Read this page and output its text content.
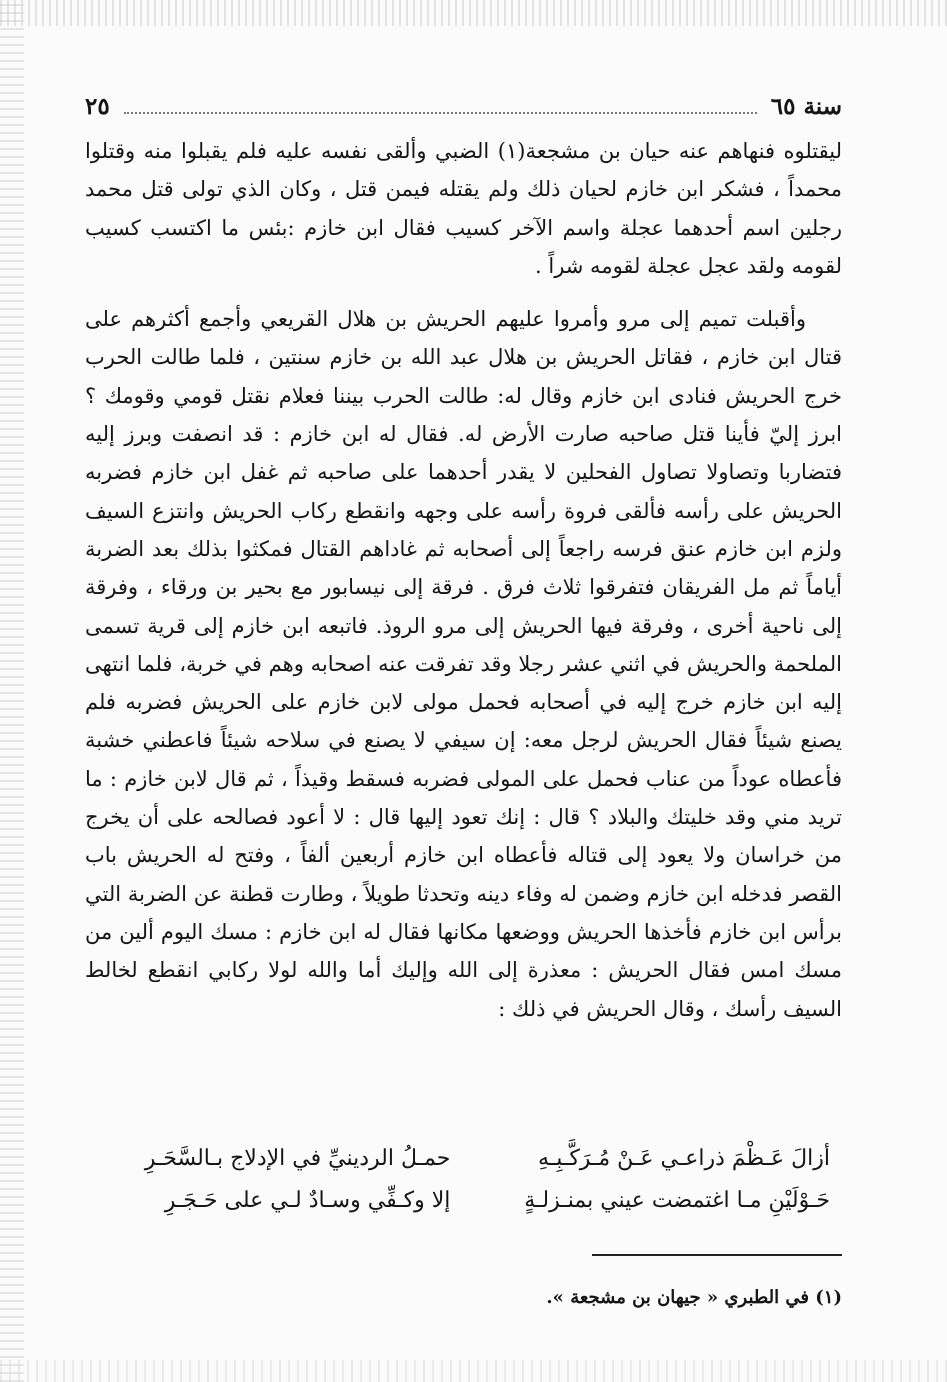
سنة ٦٥
٢٥

ليقتلوه فنهاهم عنه حيان بن مشجعة(١) الضبي وألقى نفسه عليه فلم يقبلوا منه وقتلوا محمداً ، فشكر ابن خازم لحيان ذلك ولم يقتله فيمن قتل ، وكان الذي تولى قتل محمد رجلين اسم أحدهما عجلة واسم الآخر كسيب فقال ابن خازم :بئس ما اكتسب كسيب لقومه ولقد عجل عجلة لقومه شراً .

وأقبلت تميم إلى مرو وأمروا عليهم الحريش بن هلال القريعي وأجمع أكثرهم على قتال ابن خازم ، فقاتل الحريش بن هلال عبد الله بن خازم سنتين ، فلما طالت الحرب خرج الحريش فنادى ابن خازم وقال له: طالت الحرب بيننا فعلام نقتل قومي وقومك ؟ ابرز إليّ فأينا قتل صاحبه صارت الأرض له. فقال له ابن خازم : قد انصفت وبرز إليه فتضاربا وتصاولا تصاول الفحلين لا يقدر أحدهما على صاحبه ثم غفل ابن خازم فضربه الحريش على رأسه فألقى فروة رأسه على وجهه وانقطع ركاب الحريش وانتزع السيف ولزم ابن خازم عنق فرسه راجعاً إلى أصحابه ثم غاداهم القتال فمكثوا بذلك بعد الضربة أياماً ثم مل الفريقان فتفرقوا ثلاث فرق . فرقة إلى نيسابور مع بحير بن ورقاء ، وفرقة إلى ناحية أخرى ، وفرقة فيها الحريش إلى مرو الروذ. فاتبعه ابن خازم إلى قرية تسمى الملحمة والحريش في اثني عشر رجلا وقد تفرقت عنه اصحابه وهم في خربة، فلما انتهى إليه ابن خازم خرج إليه في أصحابه فحمل مولى لابن خازم على الحريش فضربه فلم يصنع شيئاً فقال الحريش لرجل معه: إن سيفي لا يصنع في سلاحه شيئاً فاعطني خشبة فأعطاه عوداً من عناب فحمل على المولى فضربه فسقط وقيذاً ، ثم قال لابن خازم : ما تريد مني وقد خليتك والبلاد ؟ قال : إنك تعود إليها قال : لا أعود فصالحه على أن يخرج من خراسان ولا يعود إلى قتاله فأعطاه ابن خازم أربعين ألفاً ، وفتح له الحريش باب القصر فدخله ابن خازم وضمن له وفاء دينه وتحدثا طويلاً ، وطارت قطنة عن الضربة التي برأس ابن خازم فأخذها الحريش ووضعها مكانها فقال له ابن خازم : مسك اليوم ألين من مسك امس فقال الحريش : معذرة إلى الله وإليك أما والله لولا ركابي انقطع لخالط السيف رأسك ، وقال الحريش في ذلك :

أزالَ عَـظْمَ ذراعـي عَـنْ مُـرَكَّـبِـهِ
حمـلُ الردينيِّ في الإدلاج بـالسَّحَـرِ
حَـوْلَيْنِ مـا اغتمضت عيني بمنـزلـةٍ
إلا وكـفِّي وسـادٌ لـي على حَـجَـرِ
(١) في الطبري « جيهان بن مشجعة ».
